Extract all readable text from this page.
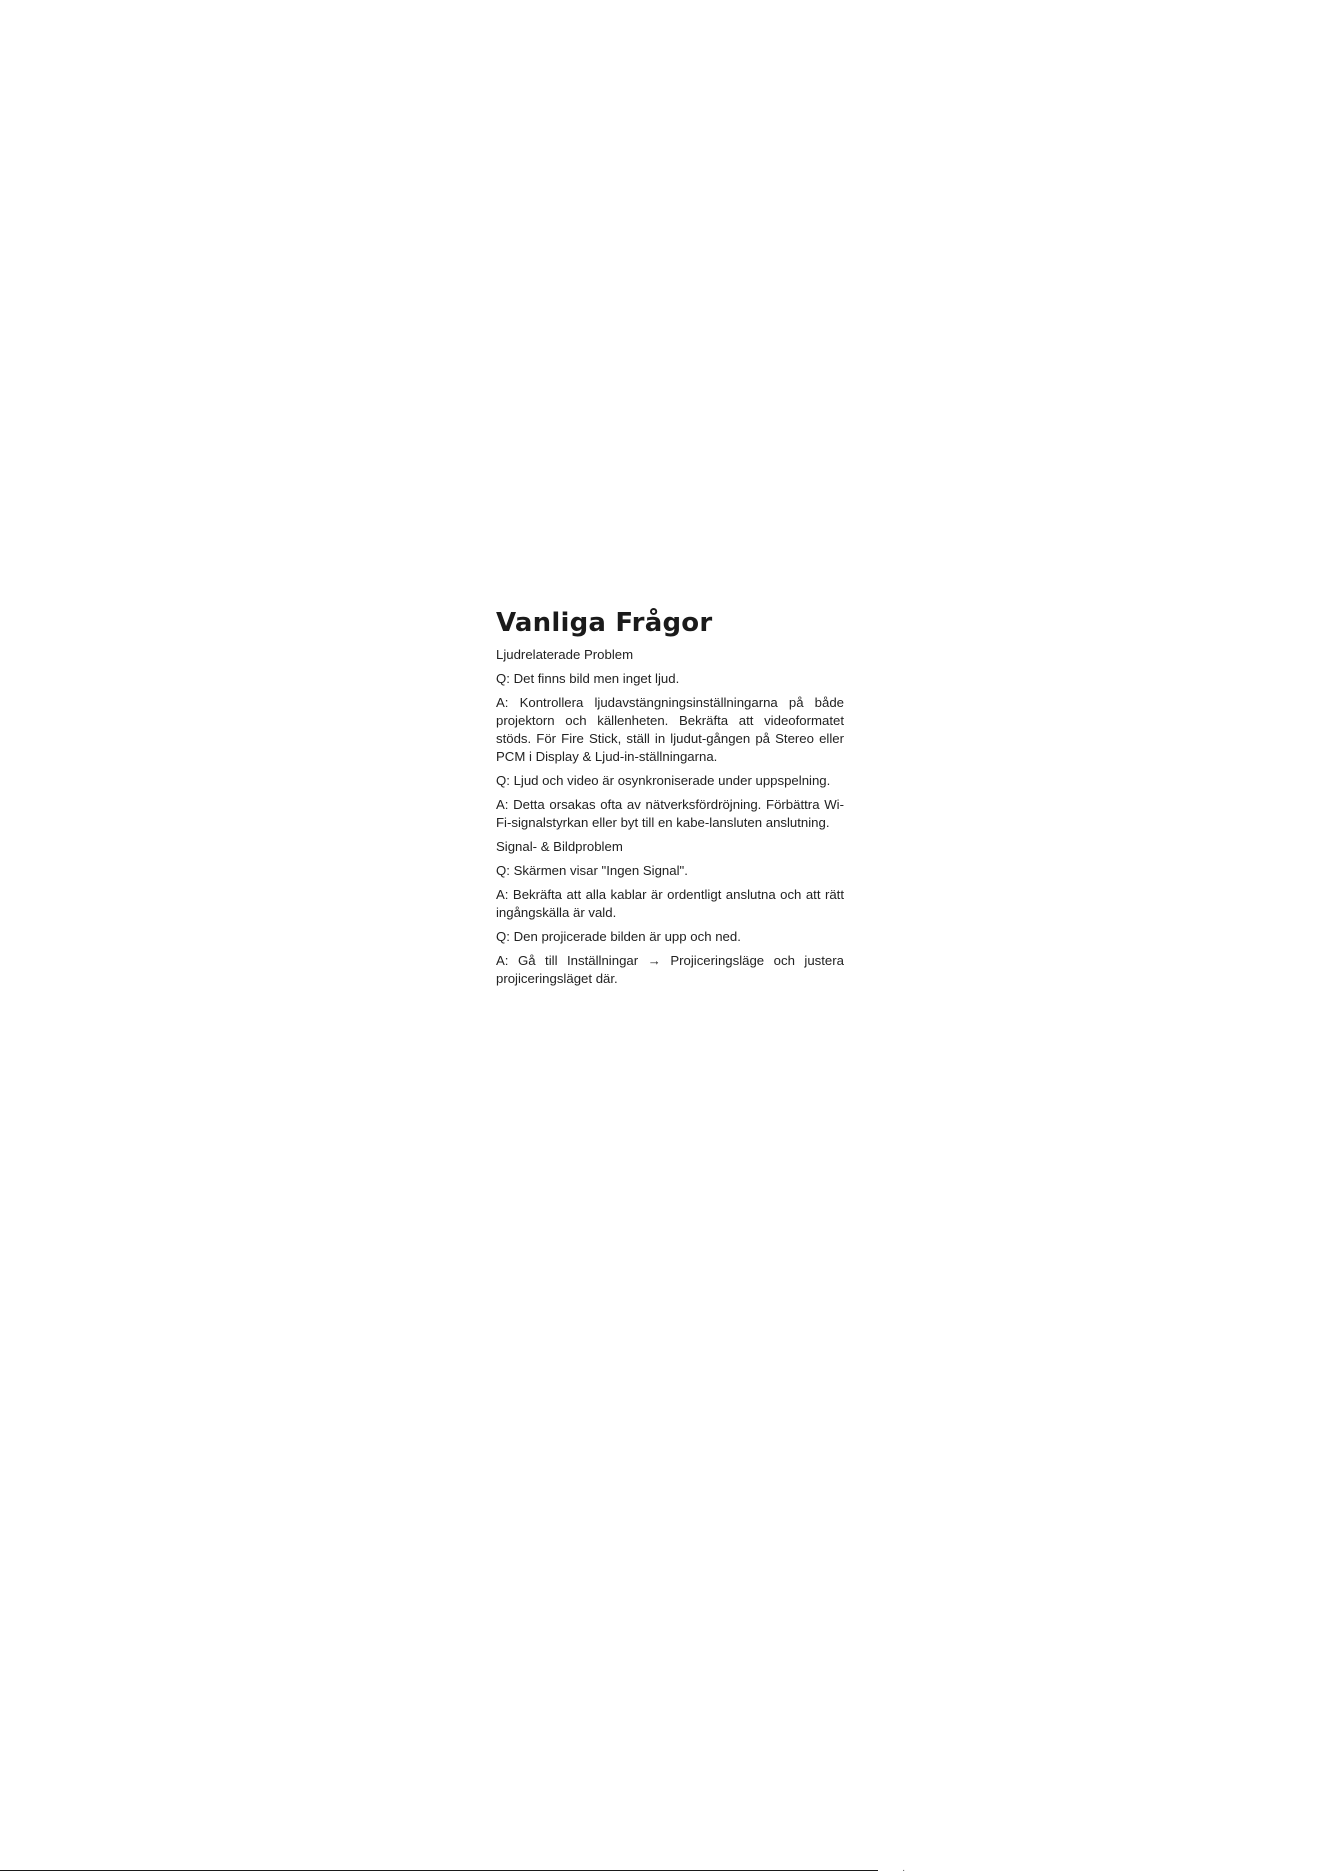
Vanliga Frågor

Ljudrelaterade Problem

Q: Det finns bild men inget ljud.

A: Kontrollera ljudavstängningsinställningarna på både projektorn och källenheten. Bekräfta att videoformatet stöds. För Fire Stick, ställ in ljudut-gången på Stereo eller PCM i Display & Ljud-in-ställningarna.

Q: Ljud och video är osynkroniserade under uppspelning.

A: Detta orsakas ofta av nätverksfördröjning. Förbättra Wi-Fi-signalstyrkan eller byt till en kabe-lansluten anslutning.

Signal- & Bildproblem

Q: Skärmen visar "Ingen Signal".

A: Bekräfta att alla kablar är ordentligt anslutna och att rätt ingångskälla är vald.

Q: Den projicerade bilden är upp och ned.

A: Gå till Inställningar → Projiceringsläge och justera projiceringsläget där.

·
